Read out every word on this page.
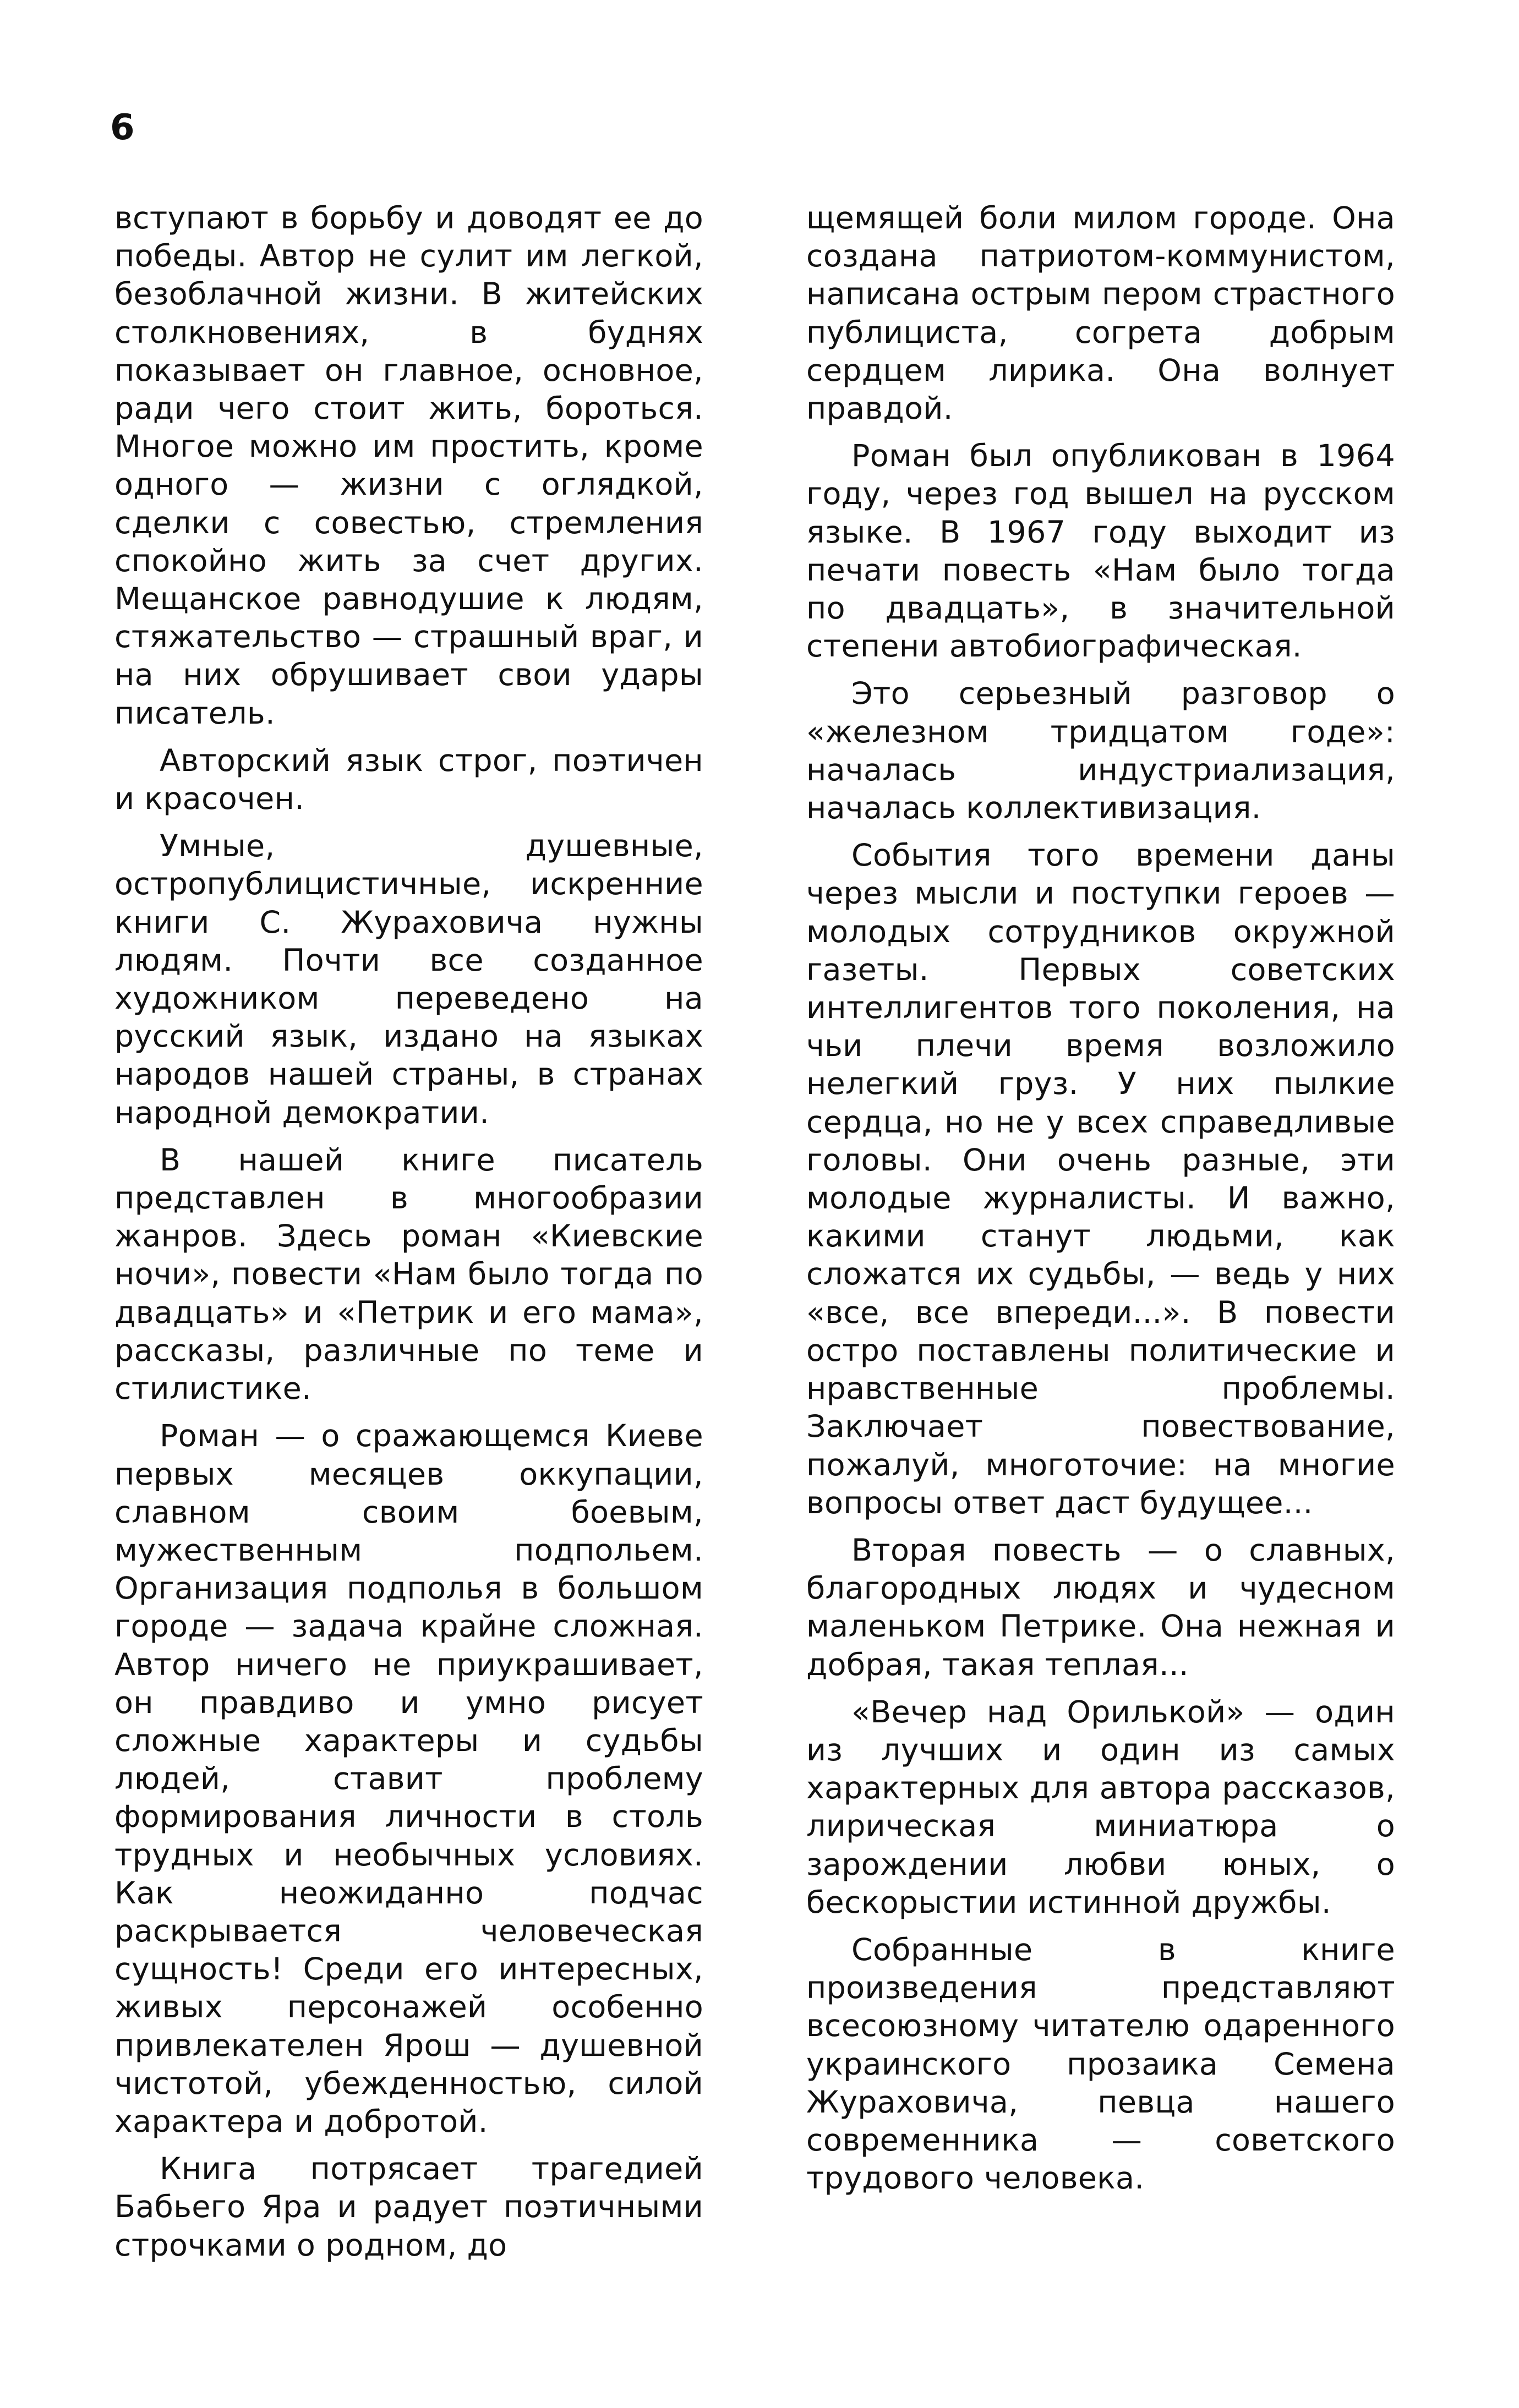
6

вступают в борьбу и доводят ее до победы. Автор не сулит им легкой, безоблачной жизни. В житейских столкновениях, в буднях показывает он главное, основное, ради чего стоит жить, бороться. Многое можно им простить, кроме одного — жизни с оглядкой, сделки с совестью, стремления спокойно жить за счет других. Мещанское равнодушие к людям, стяжательство — страшный враг, и на них обрушивает свои удары писатель.

Авторский язык строг, поэтичен и красочен.

Умные, душевные, остропублицистичные, искренние книги С. Жураховича нужны людям. Почти все созданное художником переведено на русский язык, издано на языках народов нашей страны, в странах народной демократии.

В нашей книге писатель представлен в многообразии жанров. Здесь роман «Киевские ночи», повести «Нам было тогда по двадцать» и «Петрик и его мама», рассказы, различные по теме и стилистике.

Роман — о сражающемся Киеве первых месяцев оккупации, славном своим боевым, мужественным подпольем. Организация подполья в большом городе — задача крайне сложная. Автор ничего не приукрашивает, он правдиво и умно рисует сложные характеры и судьбы людей, ставит проблему формирования личности в столь трудных и необычных условиях. Как неожиданно подчас раскрывается человеческая сущность! Среди его интересных, живых персонажей особенно привлекателен Ярош — душевной чистотой, убежденностью, силой характера и добротой.

Книга потрясает трагедией Бабьего Яра и радует поэтичными строчками о родном, до

щемящей боли милом городе. Она создана патриотом-коммунистом, написана острым пером страстного публициста, согрета добрым сердцем лирика. Она волнует правдой.

Роман был опубликован в 1964 году, через год вышел на русском языке. В 1967 году выходит из печати повесть «Нам было тогда по двадцать», в значительной степени автобиографическая.

Это серьезный разговор о «железном тридцатом годе»: началась индустриализация, началась коллективизация.

События того времени даны через мысли и поступки героев — молодых сотрудников окружной газеты. Первых советских интеллигентов того поколения, на чьи плечи время возложило нелегкий груз. У них пылкие сердца, но не у всех справедливые головы. Они очень разные, эти молодые журналисты. И важно, какими станут людьми, как сложатся их судьбы, — ведь у них «все, все впереди...». В повести остро поставлены политические и нравственные проблемы. Заключает повествование, пожалуй, многоточие: на многие вопросы ответ даст будущее...

Вторая повесть — о славных, благородных людях и чудесном маленьком Петрике. Она нежная и добрая, такая теплая...

«Вечер над Орилькой» — один из лучших и один из самых характерных для автора рассказов, лирическая миниатюра о зарождении любви юных, о бескорыстии истинной дружбы.

Собранные в книге произведения представляют всесоюзному читателю одаренного украинского прозаика Семена Жураховича, певца нашего современника — советского трудового человека.
